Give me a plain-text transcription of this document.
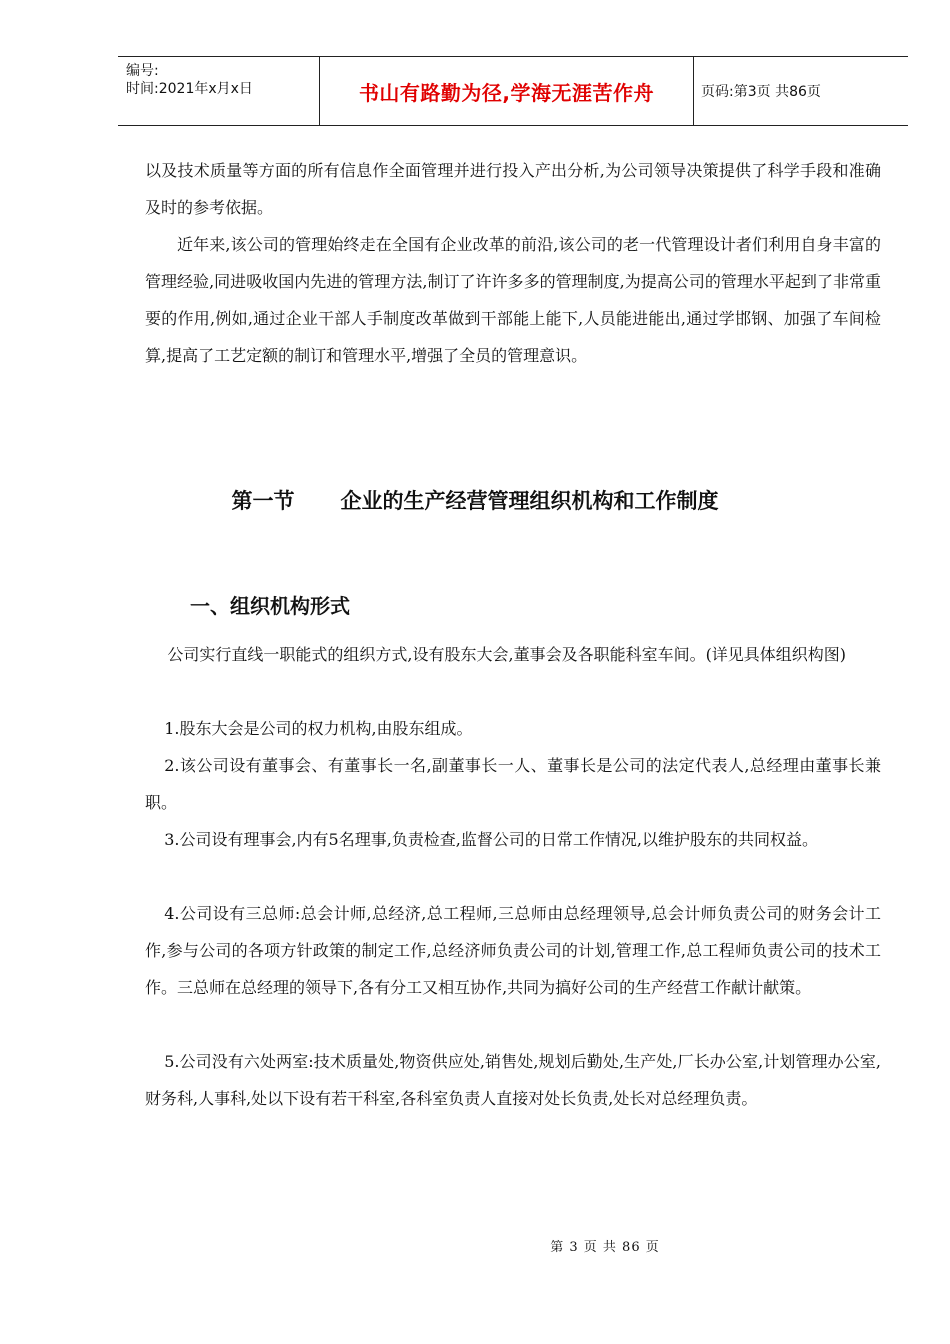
编号:
时间:2021年x月x日	书山有路勤为径,学海无涯苦作舟	页码:第3页 共86页

以及技术质量等方面的所有信息作全面管理并进行投入产出分析,为公司领导决策提供了科学手段和准确及时的参考依据。

近年来,该公司的管理始终走在全国有企业改革的前沿,该公司的老一代管理设计者们利用自身丰富的管理经验,同进吸收国内先进的管理方法,制订了许许多多的管理制度,为提高公司的管理水平起到了非常重要的作用,例如,通过企业干部人手制度改革做到干部能上能下,人员能进能出,通过学邯钢、加强了车间检算,提高了工艺定额的制订和管理水平,增强了全员的管理意识。

第一节 企业的生产经营管理组织机构和工作制度
一、组织机构形式

公司实行直线一职能式的组织方式,设有股东大会,董事会及各职能科室车间。(详见具体组织构图)

1.股东大会是公司的权力机构,由股东组成。

2.该公司设有董事会、有董事长一名,副董事长一人、董事长是公司的法定代表人,总经理由董事长兼职。

3.公司设有理事会,内有5名理事,负责检查,监督公司的日常工作情况,以维护股东的共同权益。

4.公司设有三总师:总会计师,总经济,总工程师,三总师由总经理领导,总会计师负责公司的财务会计工作,参与公司的各项方针政策的制定工作,总经济师负责公司的计划,管理工作,总工程师负责公司的技术工作。三总师在总经理的领导下,各有分工又相互协作,共同为搞好公司的生产经营工作献计献策。

5.公司没有六处两室:技术质量处,物资供应处,销售处,规划后勤处,生产处,厂长办公室,计划管理办公室,财务科,人事科,处以下设有若干科室,各科室负责人直接对处长负责,处长对总经理负责。

第 3 页 共 86 页
